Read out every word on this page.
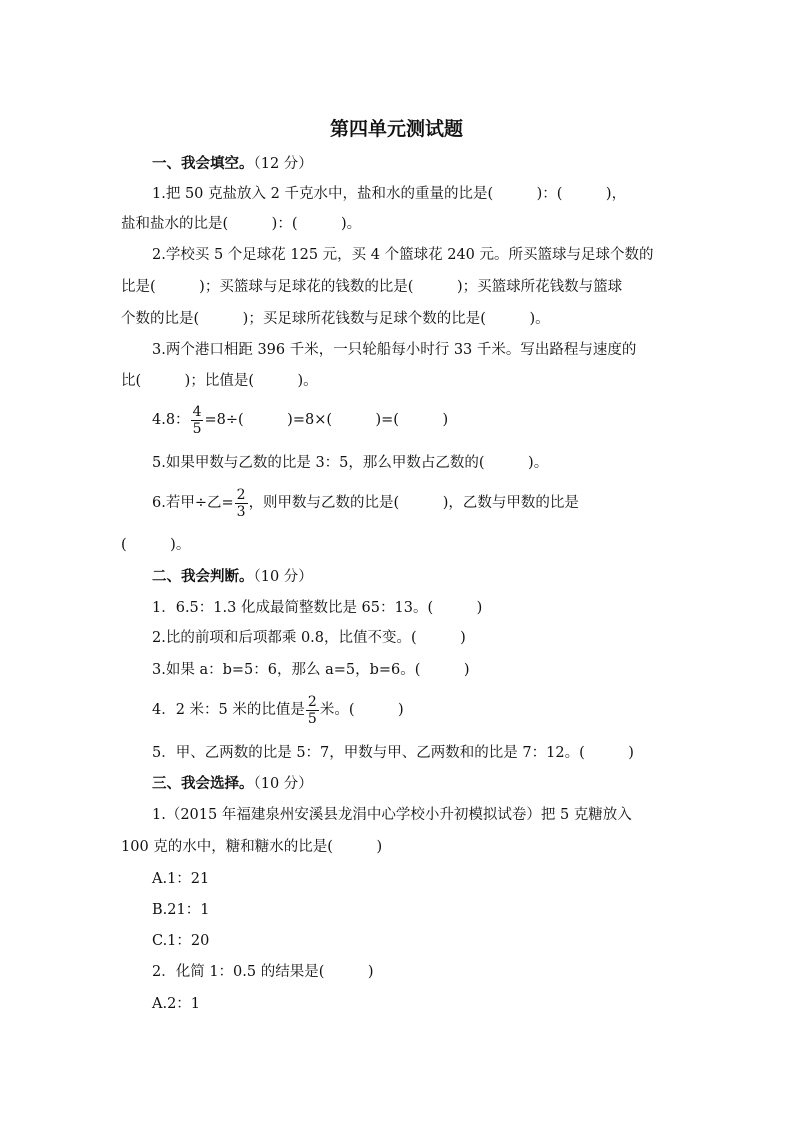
第四单元测试题
一、我会填空。（12 分）
1.把 50 克盐放入 2 千克水中，盐和水的重量的比是(　　　)：(　　　)，
盐和盐水的比是(　　　)：(　　　)。
2.学校买 5 个足球花 125 元，买 4 个篮球花 240 元。所买篮球与足球个数的
比是(　　　)；买篮球与足球花的钱数的比是(　　　)；买篮球所花钱数与篮球
个数的比是(　　　)；买足球所花钱数与足球个数的比是(　　　)。
3.两个港口相距 396 千米，一只轮船每小时行 33 千米。写出路程与速度的
比(　　　)；比值是(　　　)。
4.8： $\frac{4}{5} =8\div$(　　　)=8×(　　　)=(　　　)
5.如果甲数与乙数的比是 3：5，那么甲数占乙数的(　　　)。
6.若甲÷乙= $\frac{2}{3}$ ，则甲数与乙数的比是(　　　)，乙数与甲数的比是
(　　　)。
二、我会判断。（10 分）
1．6.5：1.3 化成最简整数比是 65：13。(　　　)
2.比的前项和后项都乘 0.8，比值不变。(　　　)
3.如果 a：b=5：6，那么 a=5，b=6。(　　　)
4．2 米：5 米的比值是 $\frac{2}{5}$ 米。(　　　)
5．甲、乙两数的比是 5：7，甲数与甲、乙两数和的比是 7：12。(　　　)
三、我会选择。（10 分）
1.（2015 年福建泉州安溪县龙涓中心学校小升初模拟试卷）把 5 克糖放入
100 克的水中，糖和糖水的比是(　　　)
A.1：21
B.21：1
C.1：20
2．化简 1：0.5 的结果是(　　　)
A.2：1
